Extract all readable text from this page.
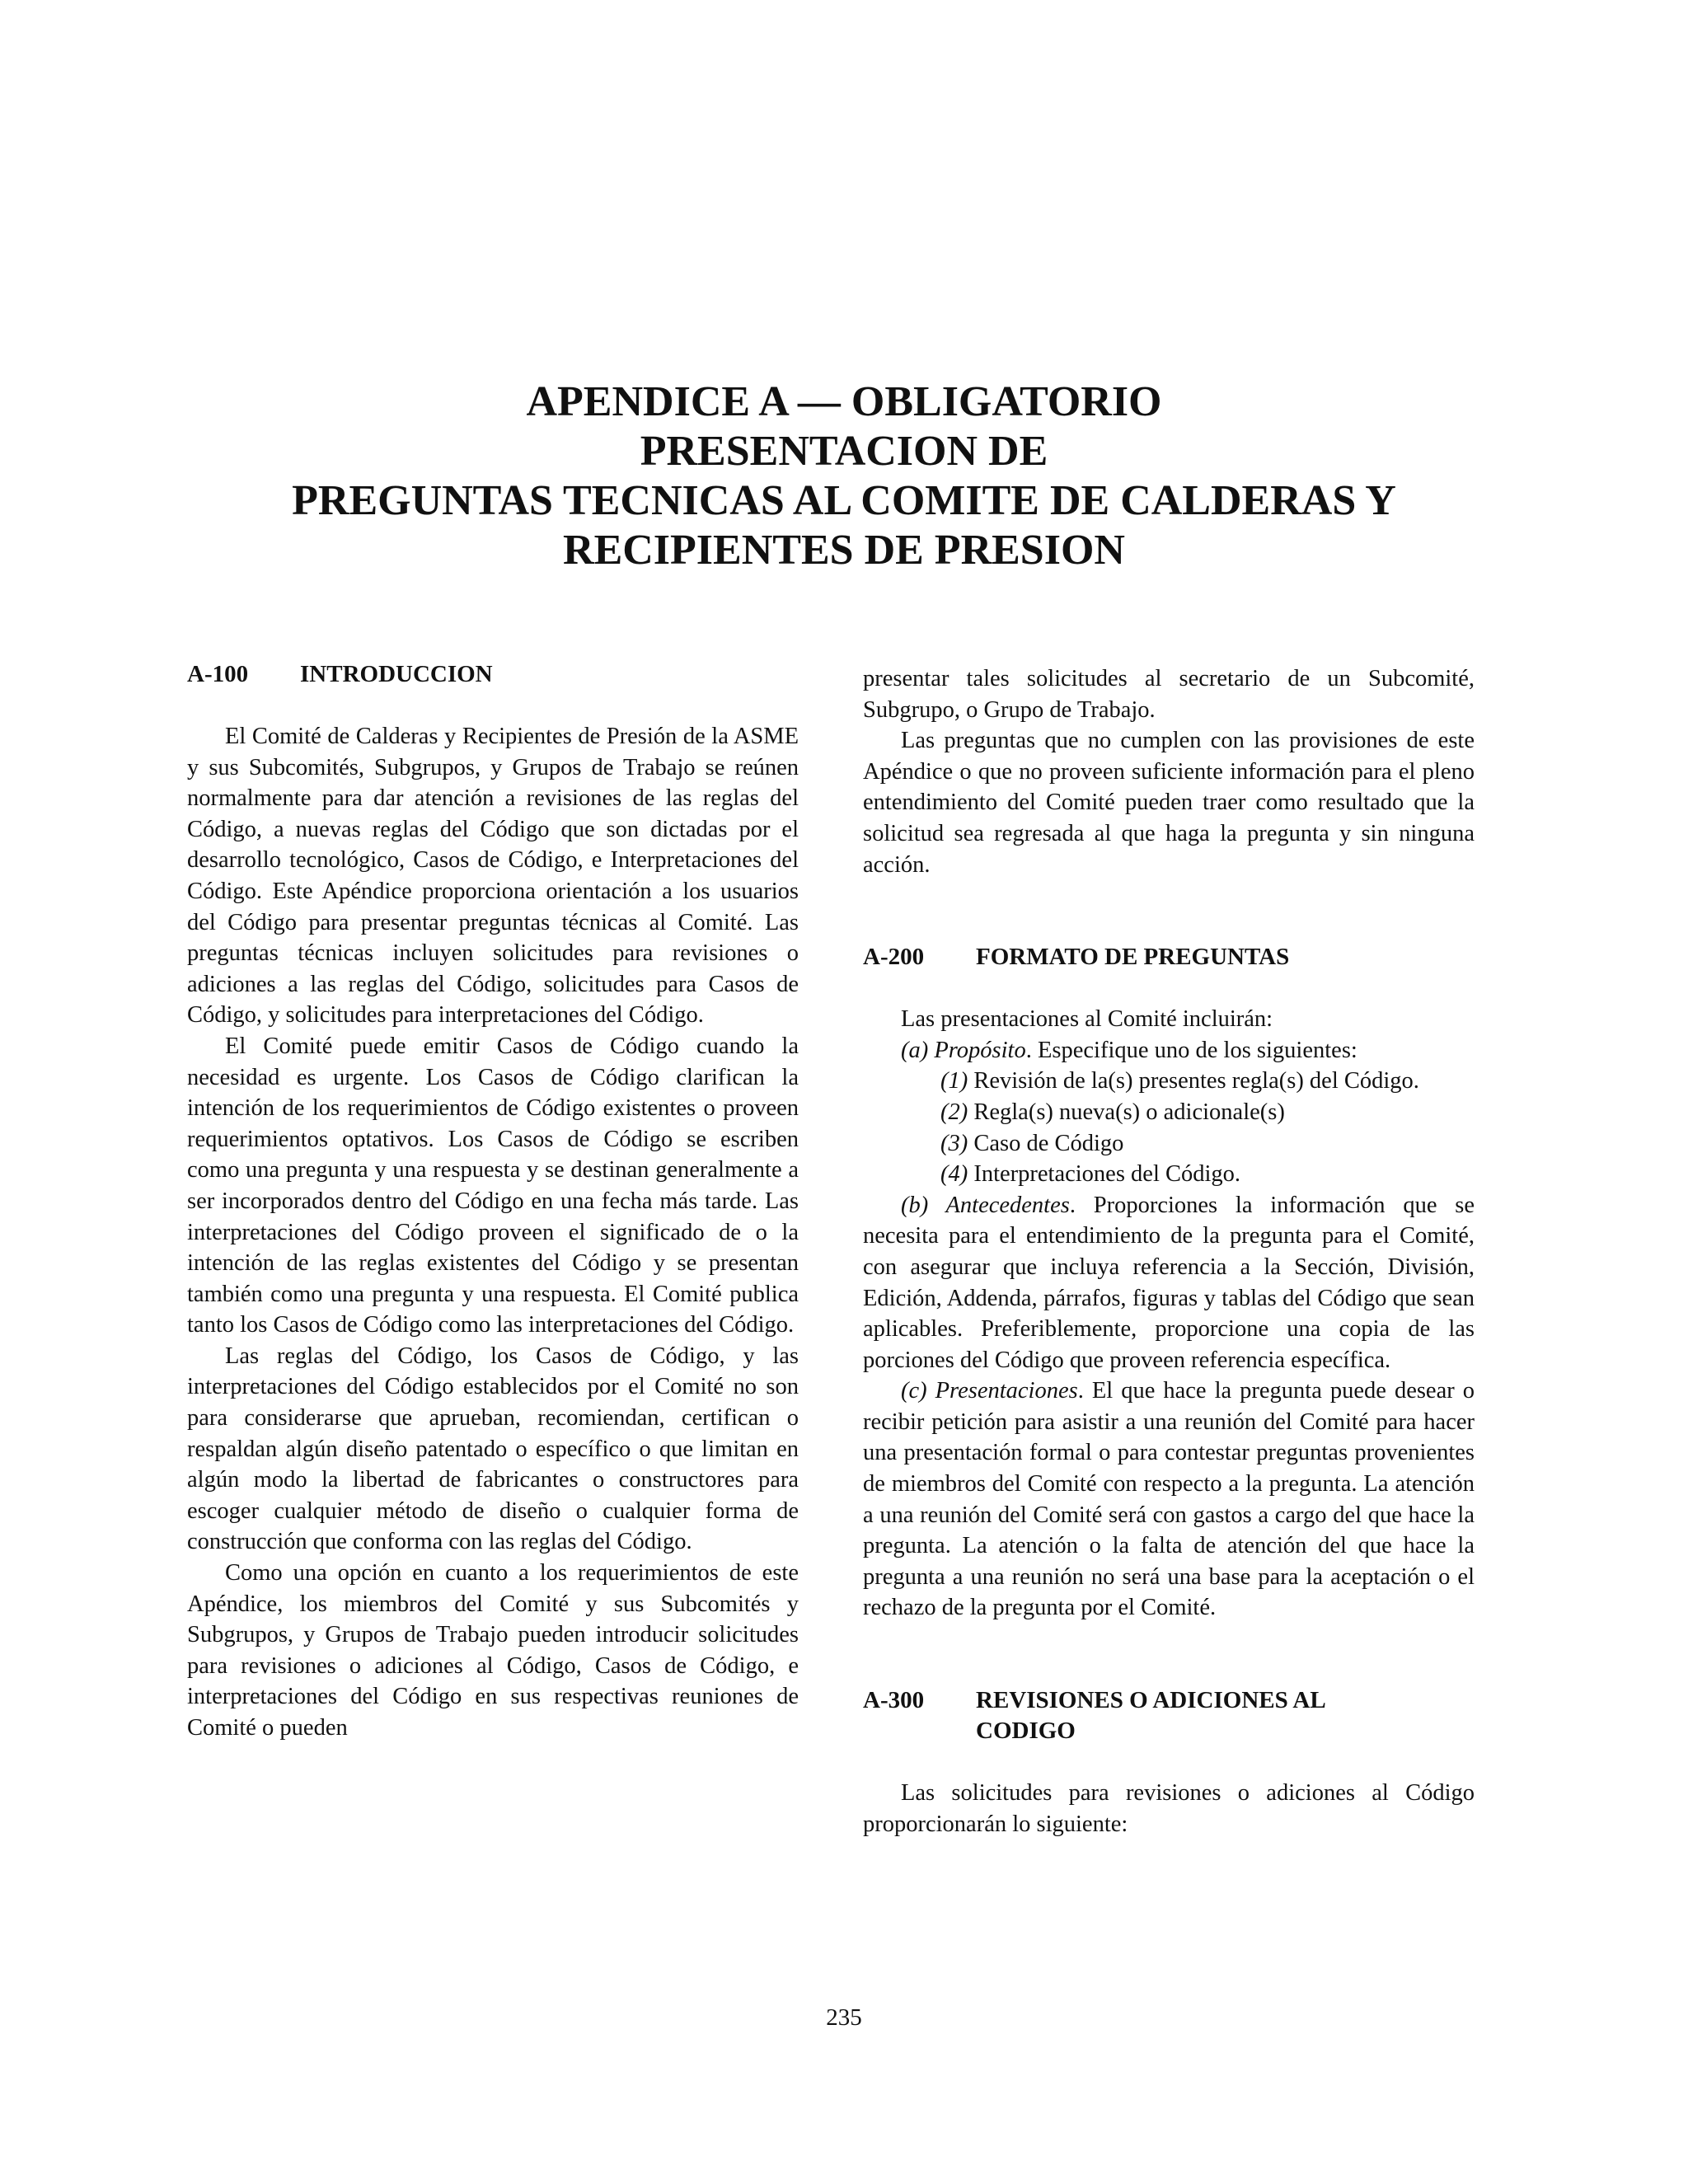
APENDICE A — OBLIGATORIO
PRESENTACION DE
PREGUNTAS TECNICAS AL COMITE DE CALDERAS Y
RECIPIENTES DE PRESION
A-100	INTRODUCCION

El Comité de Calderas y Recipientes de Presión de la ASME y sus Subcomités, Subgrupos, y Grupos de Trabajo se reúnen normalmente para dar atención a revisiones de las reglas del Código, a nuevas reglas del Código que son dictadas por el desarrollo tecnológico, Casos de Código, e Interpretaciones del Código. Este Apéndice proporciona orientación a los usuarios del Código para presentar preguntas técnicas al Comité. Las preguntas técnicas incluyen solicitudes para revisiones o adiciones a las reglas del Código, solicitudes para Casos de Código, y solicitudes para interpretaciones del Código.

El Comité puede emitir Casos de Código cuando la necesidad es urgente. Los Casos de Código clarifican la intención de los requerimientos de Código existentes o proveen requerimientos optativos. Los Casos de Código se escriben como una pregunta y una respuesta y se destinan generalmente a ser incorporados dentro del Código en una fecha más tarde. Las interpretaciones del Código proveen el significado de o la intención de las reglas existentes del Código y se presentan también como una pregunta y una respuesta. El Comité publica tanto los Casos de Código como las interpretaciones del Código.

Las reglas del Código, los Casos de Código, y las interpretaciones del Código establecidos por el Comité no son para considerarse que aprueban, recomiendan, certifican o respaldan algún diseño patentado o específico o que limitan en algún modo la libertad de fabricantes o constructores para escoger cualquier método de diseño o cualquier forma de construcción que conforma con las reglas del Código.

Como una opción en cuanto a los requerimientos de este Apéndice, los miembros del Comité y sus Subcomités y Subgrupos, y Grupos de Trabajo pueden introducir solicitudes para revisiones o adiciones al Código, Casos de Código, e interpretaciones del Código en sus respectivas reuniones de Comité o pueden

presentar tales solicitudes al secretario de un Subcomité, Subgrupo, o Grupo de Trabajo.

Las preguntas que no cumplen con las provisiones de este Apéndice o que no proveen suficiente información para el pleno entendimiento del Comité pueden traer como resultado que la solicitud sea regresada al que haga la pregunta y sin ninguna acción.

A-200	FORMATO DE PREGUNTAS

Las presentaciones al Comité incluirán:

(a) Propósito. Especifique uno de los siguientes:

(1) Revisión de la(s) presentes regla(s) del Código.

(2) Regla(s) nueva(s) o adicionale(s)

(3) Caso de Código

(4) Interpretaciones del Código.

(b) Antecedentes. Proporciones la información que se necesita para el entendimiento de la pregunta para el Comité, con asegurar que incluya referencia a la Sección, División, Edición, Addenda, párrafos, figuras y tablas del Código que sean aplicables. Preferiblemente, proporcione una copia de las porciones del Código que proveen referencia específica.

(c) Presentaciones. El que hace la pregunta puede desear o recibir petición para asistir a una reunión del Comité para hacer una presentación formal o para contestar preguntas provenientes de miembros del Comité con respecto a la pregunta. La atención a una reunión del Comité será con gastos a cargo del que hace la pregunta. La atención o la falta de atención del que hace la pregunta a una reunión no será una base para la aceptación o el rechazo de la pregunta por el Comité.

A-300	REVISIONES O ADICIONES AL
CODIGO

Las solicitudes para revisiones o adiciones al Código proporcionarán lo siguiente:

235
